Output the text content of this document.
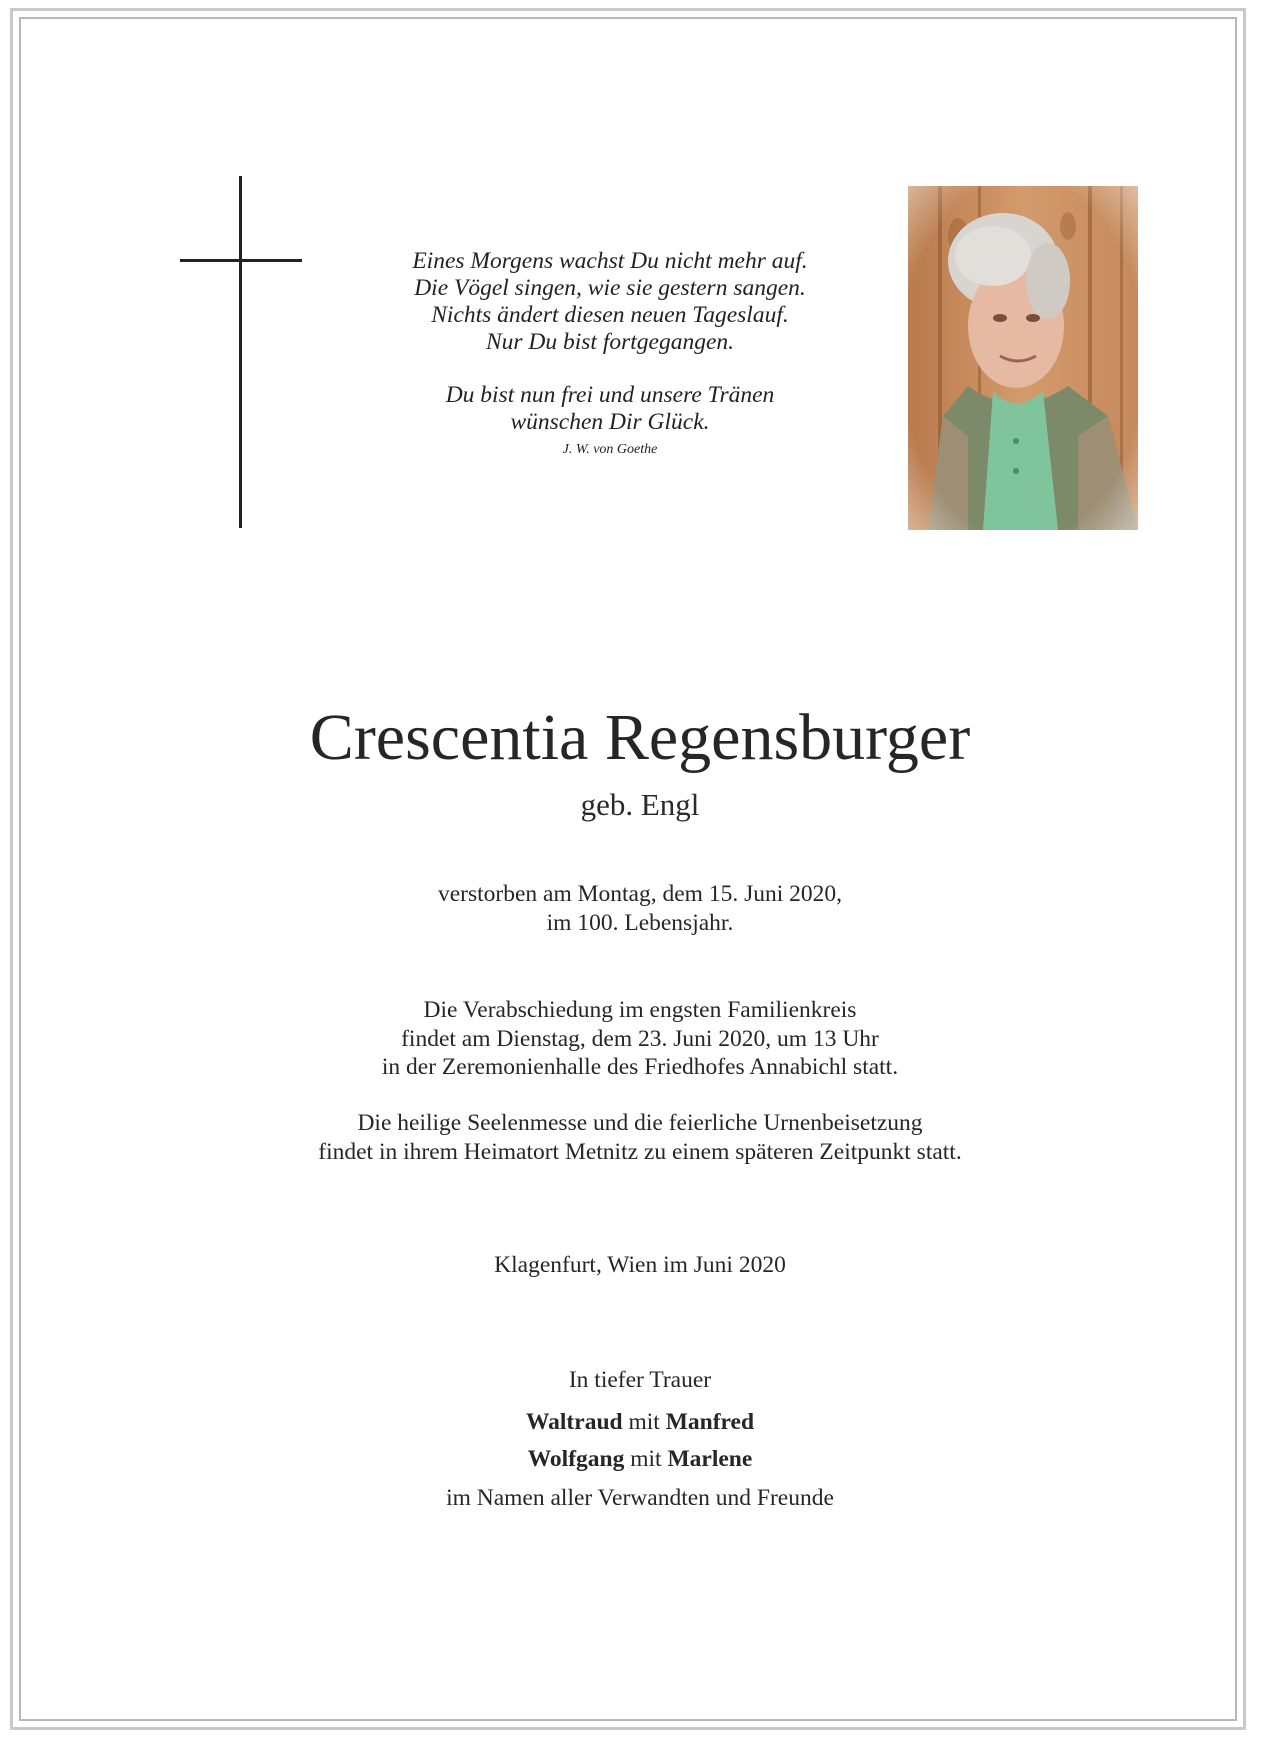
Eines Morgens wachst Du nicht mehr auf.
Die Vögel singen, wie sie gestern sangen.
Nichts ändert diesen neuen Tageslauf.
Nur Du bist fortgegangen.
Du bist nun frei und unsere Tränen
wünschen Dir Glück.
J. W. von Goethe
Crescentia Regensburger
geb. Engl
verstorben am Montag, dem 15. Juni 2020,
im 100. Lebensjahr.
Die Verabschiedung im engsten Familienkreis
findet am Dienstag, dem 23. Juni 2020, um 13 Uhr
in der Zeremonienhalle des Friedhofes Annabichl statt.
Die heilige Seelenmesse und die feierliche Urnenbeisetzung
findet in ihrem Heimatort Metnitz zu einem späteren Zeitpunkt statt.
Klagenfurt, Wien im Juni 2020
In tiefer Trauer
Waltraud mit Manfred
Wolfgang mit Marlene
im Namen aller Verwandten und Freunde
